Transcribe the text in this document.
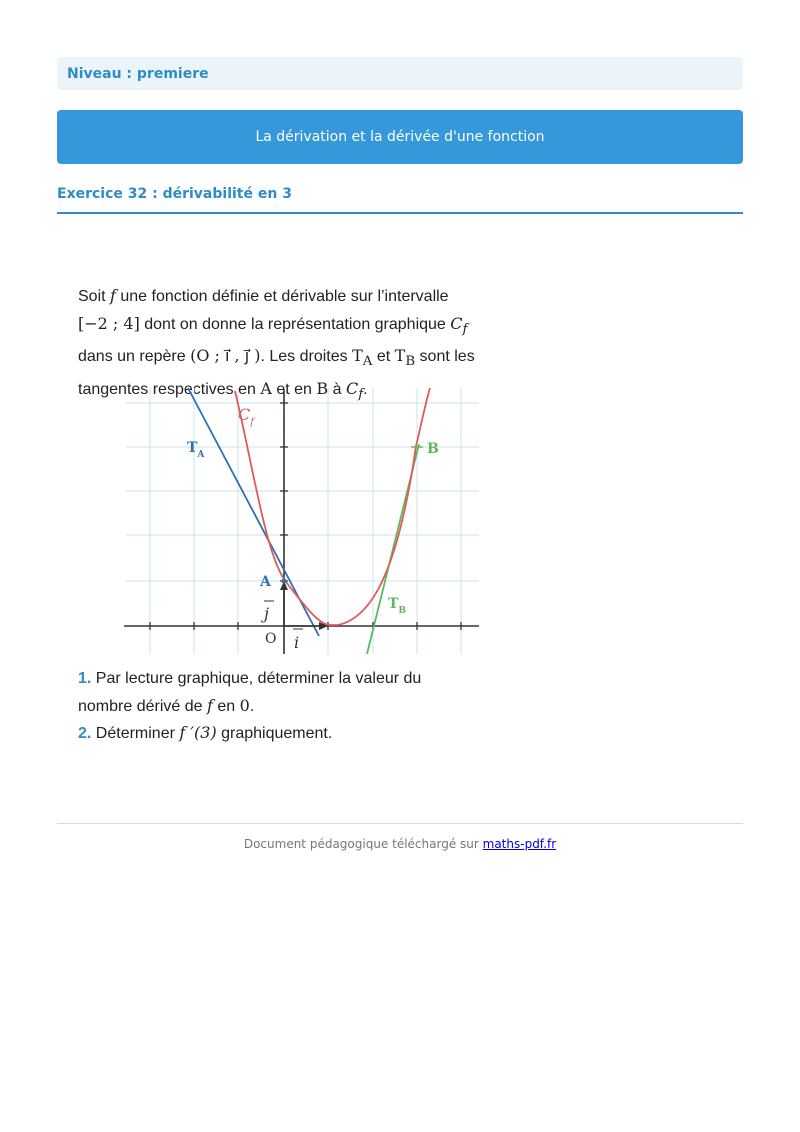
Niveau : premiere
La dérivation et la dérivée d'une fonction
Exercice 32 : dérivabilité en 3
Soit f une fonction définie et dérivable sur l’intervalle
[−2 ; 4] dont on donne la représentation graphique $C_f$
dans un repère (O ; i⃗ , j⃗ ). Les droites $T_A$ et $T_B$ sont les
tangentes respectives en A et en B à $C_f$.
$C_f$
$T_A$
$T_B$
A
B
O i
j
1. Par lecture graphique, déterminer la valeur du
nombre dérivé de f en 0.
2. Déterminer f ′(3) graphiquement.
Document pédagogique téléchargé sur maths-pdf.fr
